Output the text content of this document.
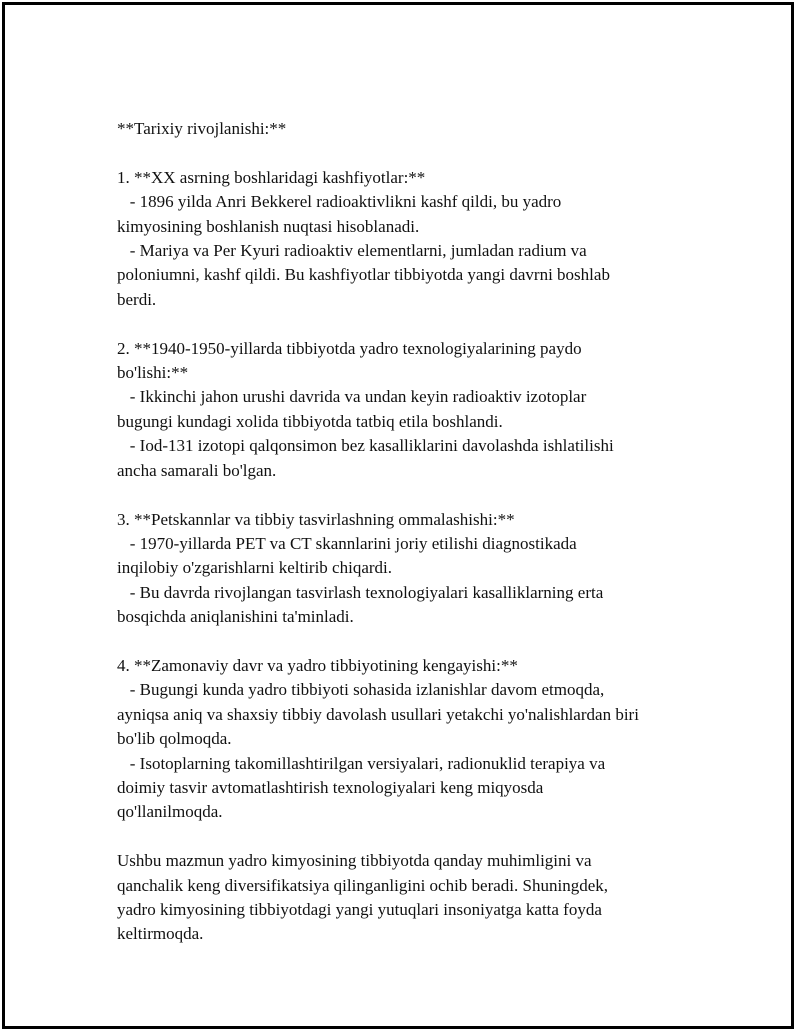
**Tarixiy rivojlanishi:**

1. **XX asrning boshlaridagi kashfiyotlar:**
- 1896 yilda Anri Bekkerel radioaktivlikni kashf qildi, bu yadro
kimyosining boshlanish nuqtasi hisoblanadi.
- Mariya va Per Kyuri radioaktiv elementlarni, jumladan radium va
poloniumni, kashf qildi. Bu kashfiyotlar tibbiyotda yangi davrni boshlab
berdi.

2. **1940-1950-yillarda tibbiyotda yadro texnologiyalarining paydo
bo'lishi:**
- Ikkinchi jahon urushi davrida va undan keyin radioaktiv izotoplar
bugungi kundagi xolida tibbiyotda tatbiq etila boshlandi.
- Iod-131 izotopi qalqonsimon bez kasalliklarini davolashda ishlatilishi
ancha samarali bo'lgan.

3. **Petskannlar va tibbiy tasvirlashning ommalashishi:**
- 1970-yillarda PET va CT skannlarini joriy etilishi diagnostikada
inqilobiy o'zgarishlarni keltirib chiqardi.
- Bu davrda rivojlangan tasvirlash texnologiyalari kasalliklarning erta
bosqichda aniqlanishini ta'minladi.

4. **Zamonaviy davr va yadro tibbiyotining kengayishi:**
- Bugungi kunda yadro tibbiyoti sohasida izlanishlar davom etmoqda,
ayniqsa aniq va shaxsiy tibbiy davolash usullari yetakchi yo'nalishlardan biri
bo'lib qolmoqda.
- Isotoplarning takomillashtirilgan versiyalari, radionuklid terapiya va
doimiy tasvir avtomatlashtirish texnologiyalari keng miqyosda
qo'llanilmoqda.

Ushbu mazmun yadro kimyosining tibbiyotda qanday muhimligini va
qanchalik keng diversifikatsiya qilinganligini ochib beradi. Shuningdek,
yadro kimyosining tibbiyotdagi yangi yutuqlari insoniyatga katta foyda
keltirmoqda.
